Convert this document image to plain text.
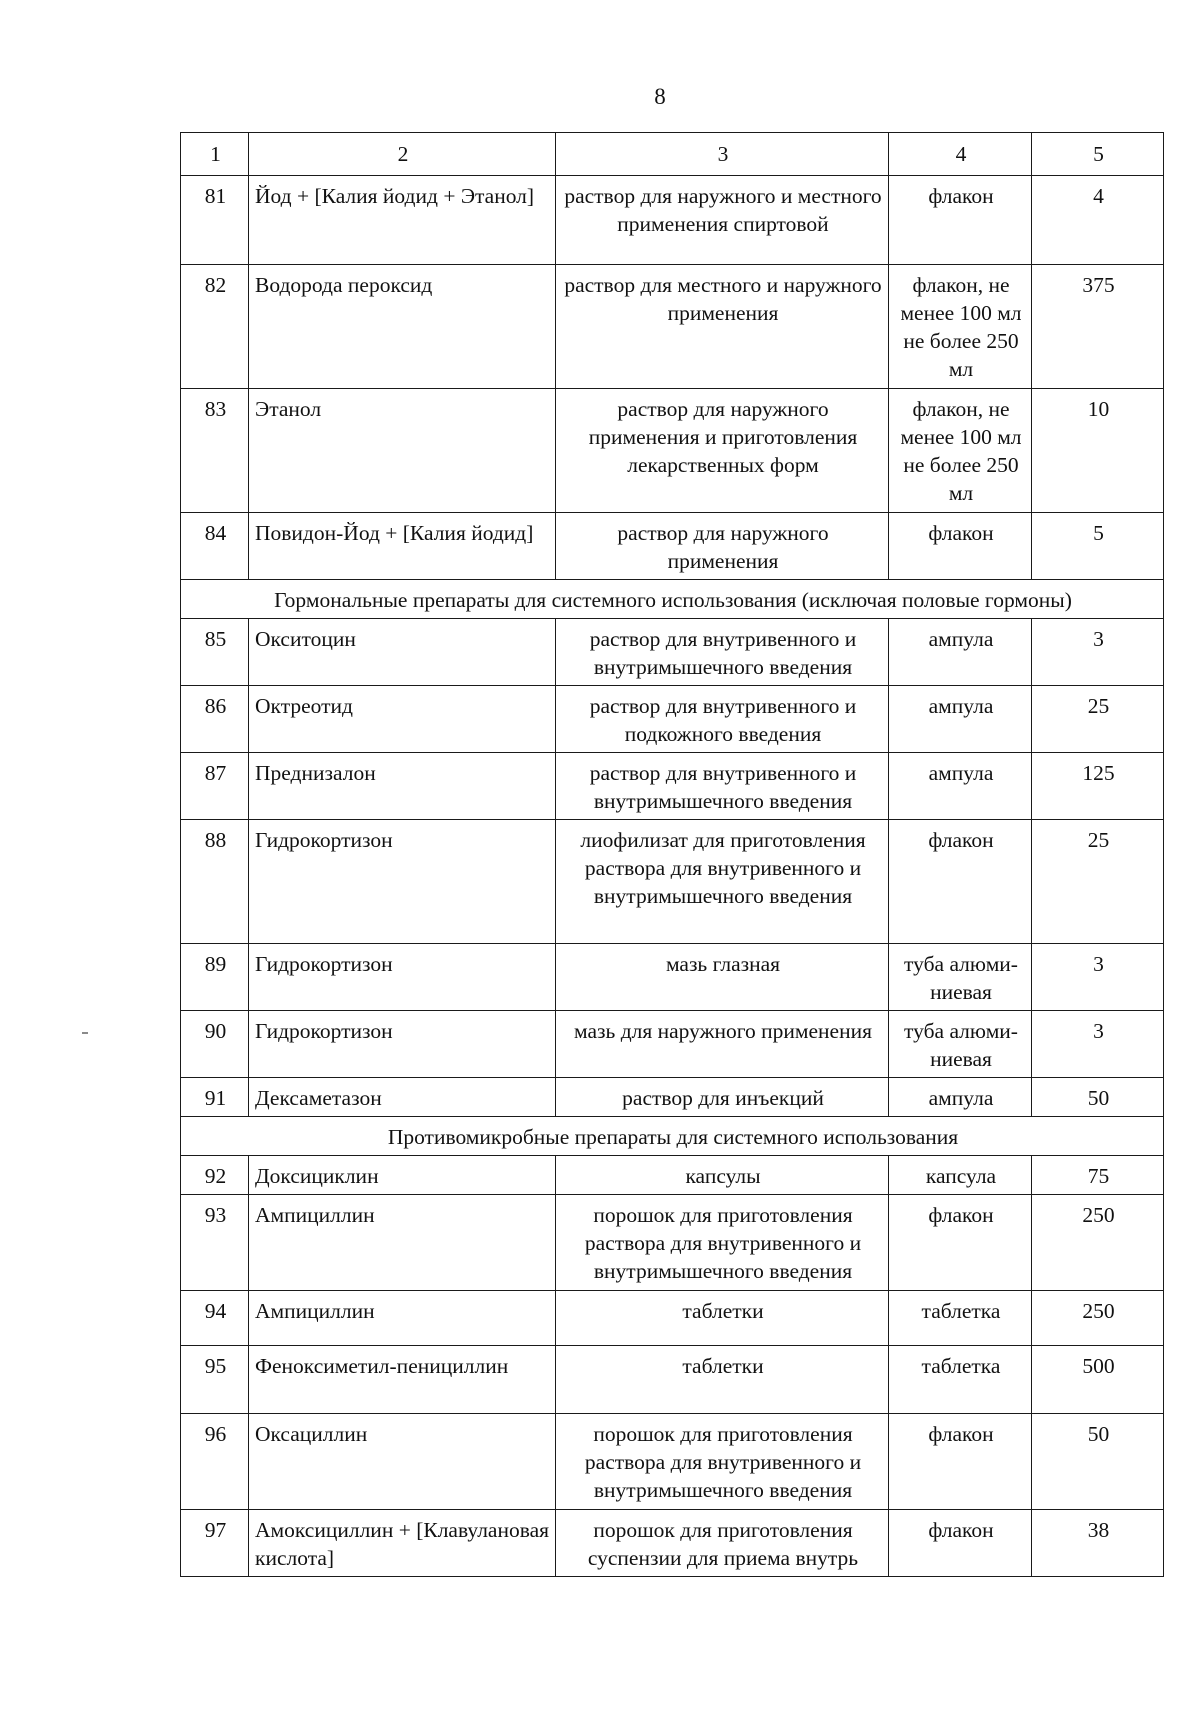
8
1	2	3	4	5
81	Йод + [Калия йодид + Этанол]	раствор для наружного и местного применения спиртовой	флакон	4
82	Водорода пероксид	раствор для местного и наружного применения	флакон, не менее 100 мл не более 250 мл	375
83	Этанол	раствор для наружного применения и приготовления лекарственных форм	флакон, не менее 100 мл не более 250 мл	10
84	Повидон-Йод + [Калия йодид]	раствор для наружного применения	флакон	5
Гормональные препараты для системного использования (исключая половые гормоны)				
85	Окситоцин	раствор для внутривенного и внутримышечного введения	ампула	3
86	Октреотид	раствор для внутривенного и подкожного введения	ампула	25
87	Преднизалон	раствор для внутривенного и внутримышечного введения	ампула	125
88	Гидрокортизон	лиофилизат для приготовления раствора для внутривенного и внутримышечного введения	флакон	25
89	Гидрокортизон	мазь глазная	туба алюми-ниевая	3
90	Гидрокортизон	мазь для наружного применения	туба алюми-ниевая	3
91	Дексаметазон	раствор для инъекций	ампула	50
Противомикробные препараты для системного использования				
92	Доксициклин	капсулы	капсула	75
93	Ампициллин	порошок для приготовления раствора для внутривенного и внутримышечного введения	флакон	250
94	Ампициллин	таблетки	таблетка	250
95	Феноксиметил-пенициллин	таблетки	таблетка	500
96	Оксациллин	порошок для приготовления раствора для внутривенного и внутримышечного введения	флакон	50
97	Амоксициллин + [Клавулановая кислота]	порошок для приготовления суспензии для приема внутрь	флакон	38
